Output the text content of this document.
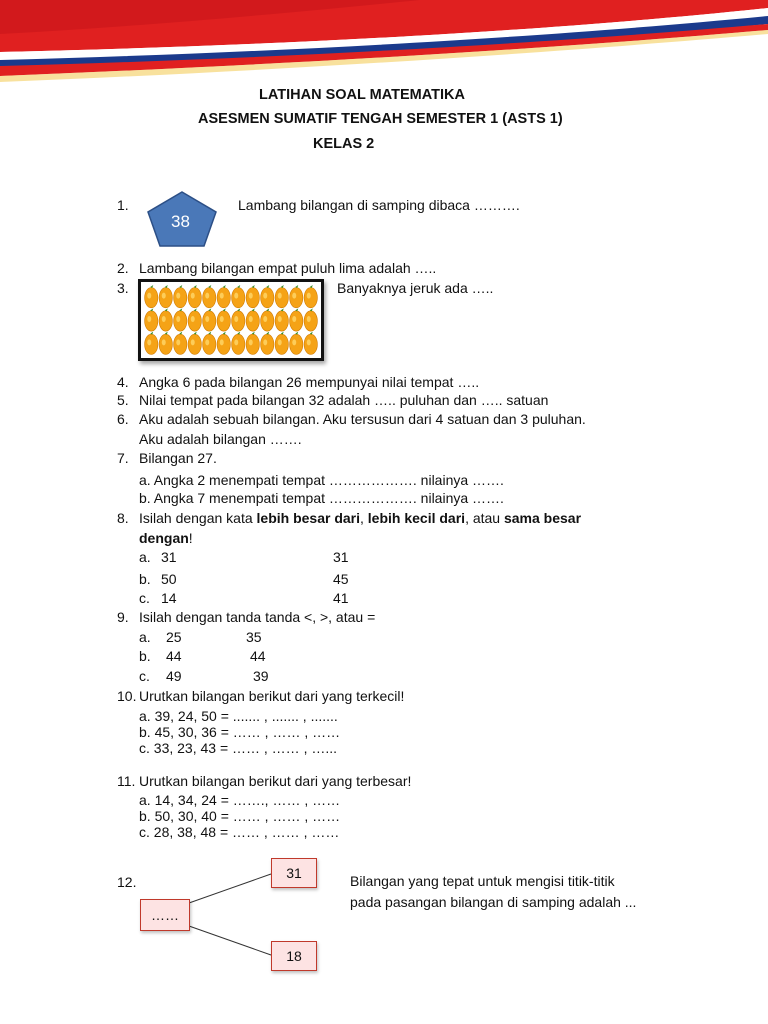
LATIHAN SOAL MATEMATIKA
ASESMEN SUMATIF TENGAH SEMESTER 1 (ASTS 1)
KELAS 2
1.
38
Lambang bilangan di samping dibaca ……….
2. Lambang bilangan empat puluh lima adalah …..
3.	Banyaknya jeruk ada …..
4. Angka 6 pada bilangan 26 mempunyai nilai tempat …..
5. Nilai tempat pada bilangan 32 adalah ….. puluhan dan ….. satuan
6. Aku adalah sebuah bilangan. Aku tersusun dari 4 satuan dan 3 puluhan.
Aku adalah bilangan …….
7. Bilangan 27.
a. Angka 2 menempati tempat ………………. nilainya …….
b. Angka 7 menempati tempat ………………. nilainya …….
8. Isilah dengan kata lebih besar dari, lebih kecil dari, atau sama besar
dengan!
a. 31	31
b. 50	45
c. 14	41
9. Isilah dengan tanda tanda <, >, atau =
a. 25	35
b. 44	44
c. 49	39
10. Urutkan bilangan berikut dari yang terkecil!
a. 39, 24, 50 = ....... , ....... , .......
b. 45, 30, 36 = …… , …… , ……
c. 33, 23, 43 = …… , …… , …...
11. Urutkan bilangan berikut dari yang terbesar!
a. 14, 34, 24 = ……., …… , ……
b. 50, 30, 40 = …… , …… , ……
c. 28, 38, 48 = …… , …… , ……
12.
……
31
18
Bilangan yang tepat untuk mengisi titik-titik
pada pasangan bilangan di samping adalah ...
